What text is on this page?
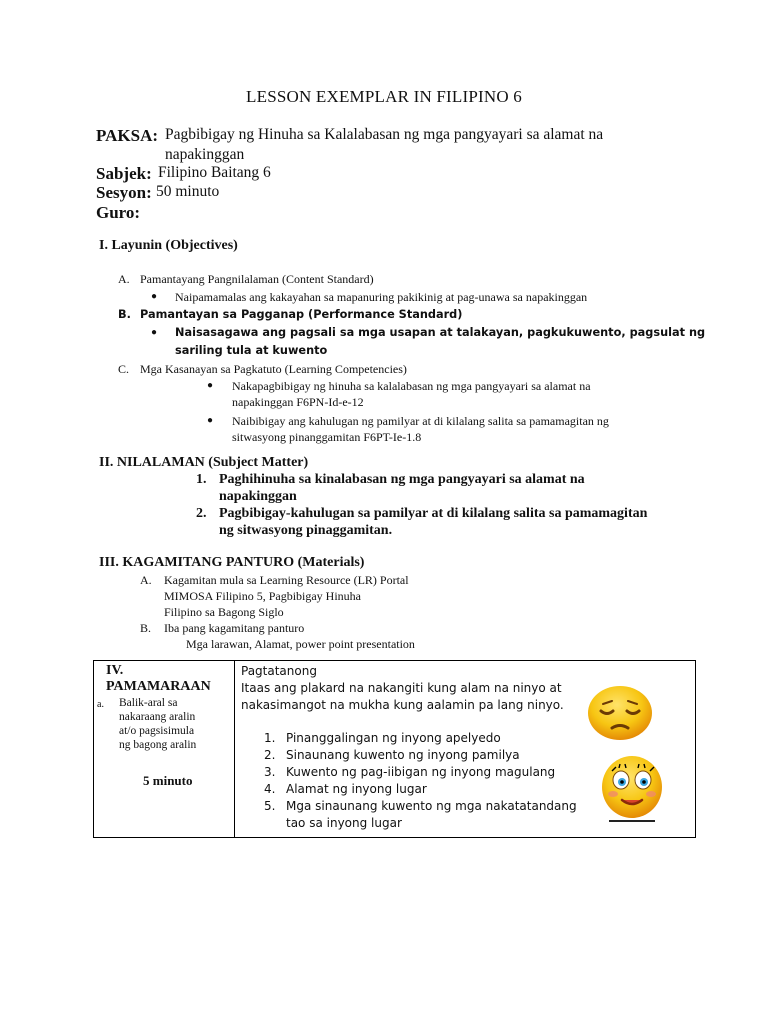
LESSON EXEMPLAR IN FILIPINO 6
PAKSA: Pagbibigay ng Hinuha sa Kalalabasan ng mga pangyayari sa alamat na
napakinggan
Sabjek: Filipino Baitang 6
Sesyon: 50 minuto
Guro:
I. Layunin (Objectives)
A. Pamantayang Pangnilalaman (Content Standard)
● Naipamamalas ang kakayahan sa mapanuring pakikinig at pag-unawa sa napakinggan
B. Pamantayan sa Pagganap (Performance Standard)
● Naisasagawa ang pagsali sa mga usapan at talakayan, pagkukuwento, pagsulat ng
sariling tula at kuwento
C. Mga Kasanayan sa Pagkatuto (Learning Competencies)
● Nakapagbibigay ng hinuha sa kalalabasan ng mga pangyayari sa alamat na
napakinggan F6PN-Id-e-12
● Naibibigay ang kahulugan ng pamilyar at di kilalang salita sa pamamagitan ng
sitwasyong pinanggamitan F6PT-Ie-1.8
II. NILALAMAN (Subject Matter)
1. Paghihinuha sa kinalabasan ng mga pangyayari sa alamat na
napakinggan
2. Pagbibigay-kahulugan sa pamilyar at di kilalang salita sa pamamagitan
ng sitwasyong pinaggamitan.
III. KAGAMITANG PANTURO (Materials)
A. Kagamitan mula sa Learning Resource (LR) Portal
MIMOSA Filipino 5, Pagbibigay Hinuha
Filipino sa Bagong Siglo
B. Iba pang kagamitang panturo
Mga larawan, Alamat, power point presentation
IV.
PAMAMARAAN
a. Balik-aral sa
nakaraang aralin
at/o pagsisimula
ng bagong aralin
5 minuto

Pagtatanong
Itaas ang plakard na nakangiti kung alam na ninyo at
nakasimangot na mukha kung aalamin pa lang ninyo.
1. Pinanggalingan ng inyong apelyedo
2. Sinaunang kuwento ng inyong pamilya
3. Kuwento ng pag-iibigan ng inyong magulang
4. Alamat ng inyong lugar
5. Mga sinaunang kuwento ng mga nakatatandang
tao sa inyong lugar
